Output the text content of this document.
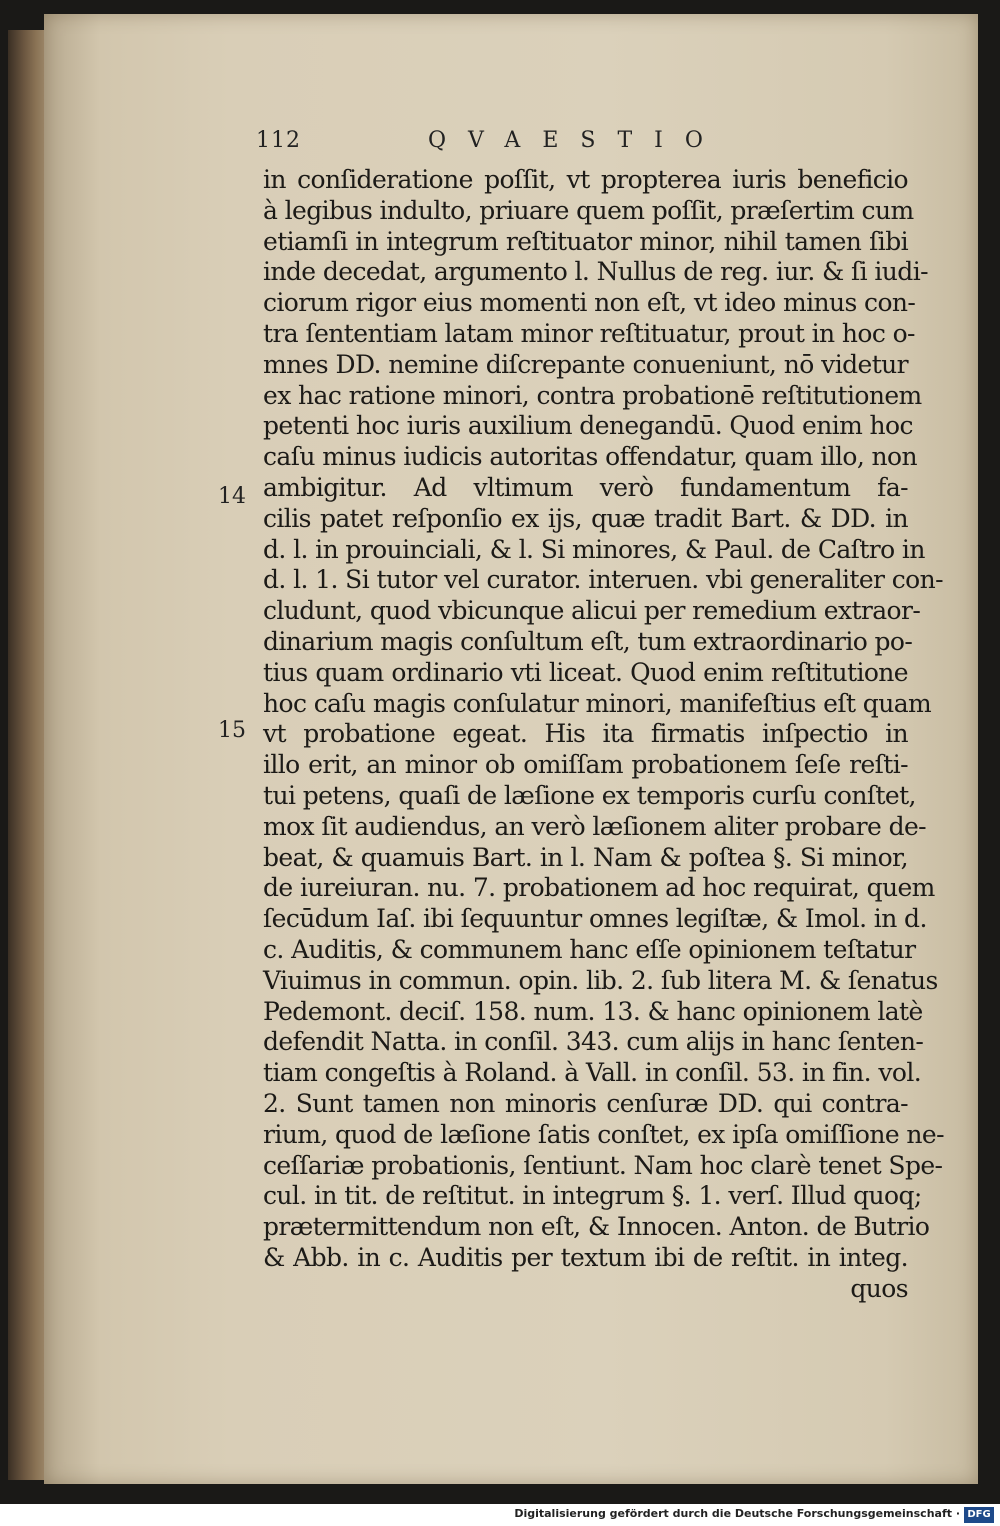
112	QVAESTIO
14
15
in conſideratione poſſit, vt propterea iuris beneficio
à legibus indulto, priuare quem poſſit, præſertim cum
etiamſi in integrum reſtituator minor, nihil tamen ſibi
inde decedat, argumento l. Nullus de reg. iur. & ſi iudi-
ciorum rigor eius momenti non eſt, vt ideo minus con-
tra ſententiam latam minor reſtituatur, prout in hoc o-
mnes DD. nemine diſcrepante conueniunt, nō videtur
ex hac ratione minori, contra probationē reſtitutionem
petenti hoc iuris auxilium denegandū. Quod enim hoc
caſu minus iudicis autoritas offendatur, quam illo, non
ambigitur. Ad vltimum verò fundamentum fa-
cilis patet reſponſio ex ijs, quæ tradit Bart. & DD. in
d. l. in prouinciali, & l. Si minores, & Paul. de Caſtro in
d. l. 1. Si tutor vel curator. interuen. vbi generaliter con-
cludunt, quod vbicunque alicui per remedium extraor-
dinarium magis conſultum eſt, tum extraordinario po-
tius quam ordinario vti liceat. Quod enim reſtitutione
hoc caſu magis conſulatur minori, manifeſtius eſt quam
vt probatione egeat. His ita firmatis inſpectio in
illo erit, an minor ob omiſſam probationem ſeſe reſti-
tui petens, quaſi de læſione ex temporis curſu conſtet,
mox ſit audiendus, an verò læſionem aliter probare de-
beat, & quamuis Bart. in l. Nam & poſtea §. Si minor,
de iureiuran. nu. 7. probationem ad hoc requirat, quem
ſecūdum Iaſ. ibi ſequuntur omnes legiſtæ, & Imol. in d.
c. Auditis, & communem hanc eſſe opinionem teſtatur
Viuimus in commun. opin. lib. 2. ſub litera M. & ſenatus
Pedemont. deciſ. 158. num. 13. & hanc opinionem latè
defendit Natta. in conſil. 343. cum alijs in hanc ſenten-
tiam congeſtis à Roland. à Vall. in conſil. 53. in fin. vol.
2. Sunt tamen non minoris cenſuræ DD. qui contra-
rium, quod de læſione ſatis conſtet, ex ipſa omiſſione ne-
ceſſariæ probationis, ſentiunt. Nam hoc clarè tenet Spe-
cul. in tit. de reſtitut. in integrum §. 1. verſ. Illud quoq;
prætermittendum non eſt, & Innocen. Anton. de Butrio
& Abb. in c. Auditis per textum ibi de reſtit. in integ.
quos
Digitalisierung gefördert durch die Deutsche Forschungsgemeinschaft · DFG
